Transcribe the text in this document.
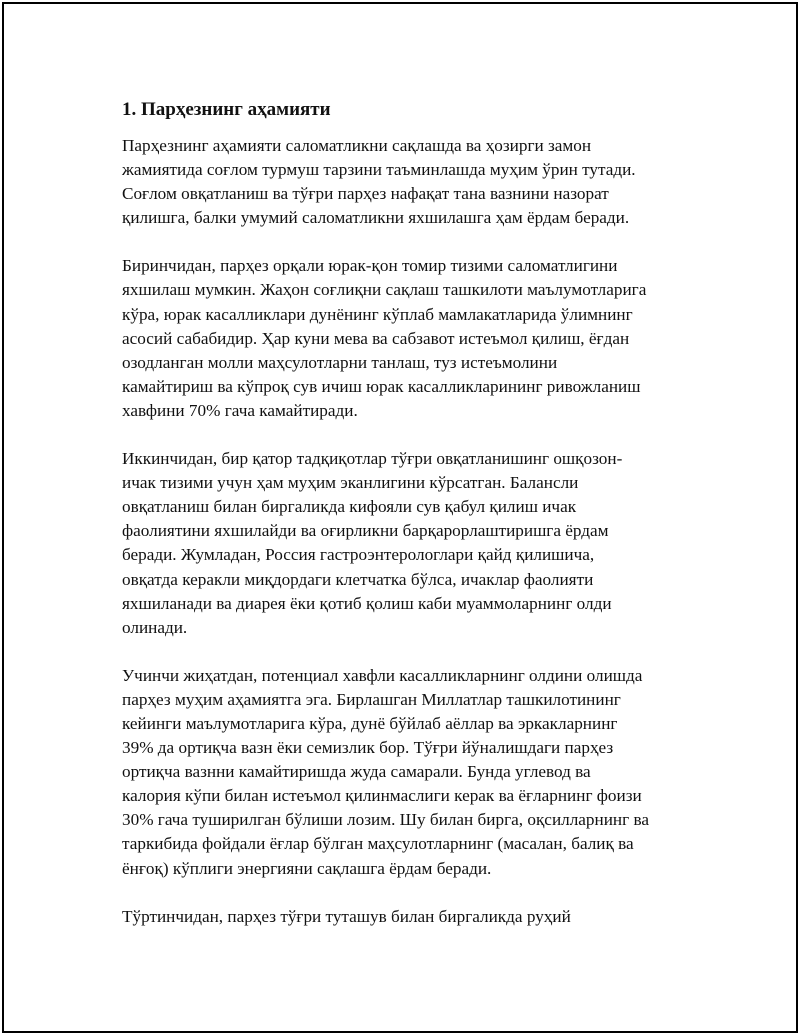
1. Парҳезнинг аҳамияти
Парҳезнинг аҳамияти саломатликни сақлашда ва ҳозирги замон
жамиятида соғлом турмуш тарзини таъминлашда муҳим ўрин тутади.
Соғлом овқатланиш ва тўғри парҳез нафақат тана вазнини назорат
қилишга, балки умумий саломатликни яхшилашга ҳам ёрдам беради.
Биринчидан, парҳез орқали юрак-қон томир тизими саломатлигини
яхшилаш мумкин. Жаҳон соғлиқни сақлаш ташкилоти маълумотларига
кўра, юрак касалликлари дунёнинг кўплаб мамлакатларида ўлимнинг
асосий сабабидир. Ҳар куни мева ва сабзавот истеъмол қилиш, ёғдан
озодланган молли маҳсулотларни танлаш, туз истеъмолини
камайтириш ва кўпроқ сув ичиш юрак касалликларининг ривожланиш
хавфини 70% гача камайтиради.
Иккинчидан, бир қатор тадқиқотлар тўғри овқатланишинг ошқозон-
ичак тизими учун ҳам муҳим эканлигини кўрсатган. Балансли
овқатланиш билан биргаликда кифояли сув қабул қилиш ичак
фаолиятини яхшилайди ва оғирликни барқарорлаштиришга ёрдам
беради. Жумладан, Россия гастроэнтерологлари қайд қилишича,
овқатда керакли миқдордаги клетчатка бўлса, ичаклар фаолияти
яхшиланади ва диарея ёки қотиб қолиш каби муаммоларнинг олди
олинади.
Учинчи жиҳатдан, потенциал хавфли касалликларнинг олдини олишда
парҳез муҳим аҳамиятга эга. Бирлашган Миллатлар ташкилотининг
кейинги маълумотларига кўра, дунё бўйлаб аёллар ва эркакларнинг
39% да ортиқча вазн ёки семизлик бор. Тўғри йўналишдаги парҳез
ортиқча вазнни камайтиришда жуда самарали. Бунда углевод ва
калория кўпи билан истеъмол қилинмаслиги керак ва ёғларнинг фоизи
30% гача туширилган бўлиши лозим. Шу билан бирга, оқсилларнинг ва
таркибида фойдали ёғлар бўлган маҳсулотларнинг (масалан, балиқ ва
ёнғоқ) кўплиги энергияни сақлашга ёрдам беради.
Тўртинчидан, парҳез тўғри туташув билан биргаликда руҳий
